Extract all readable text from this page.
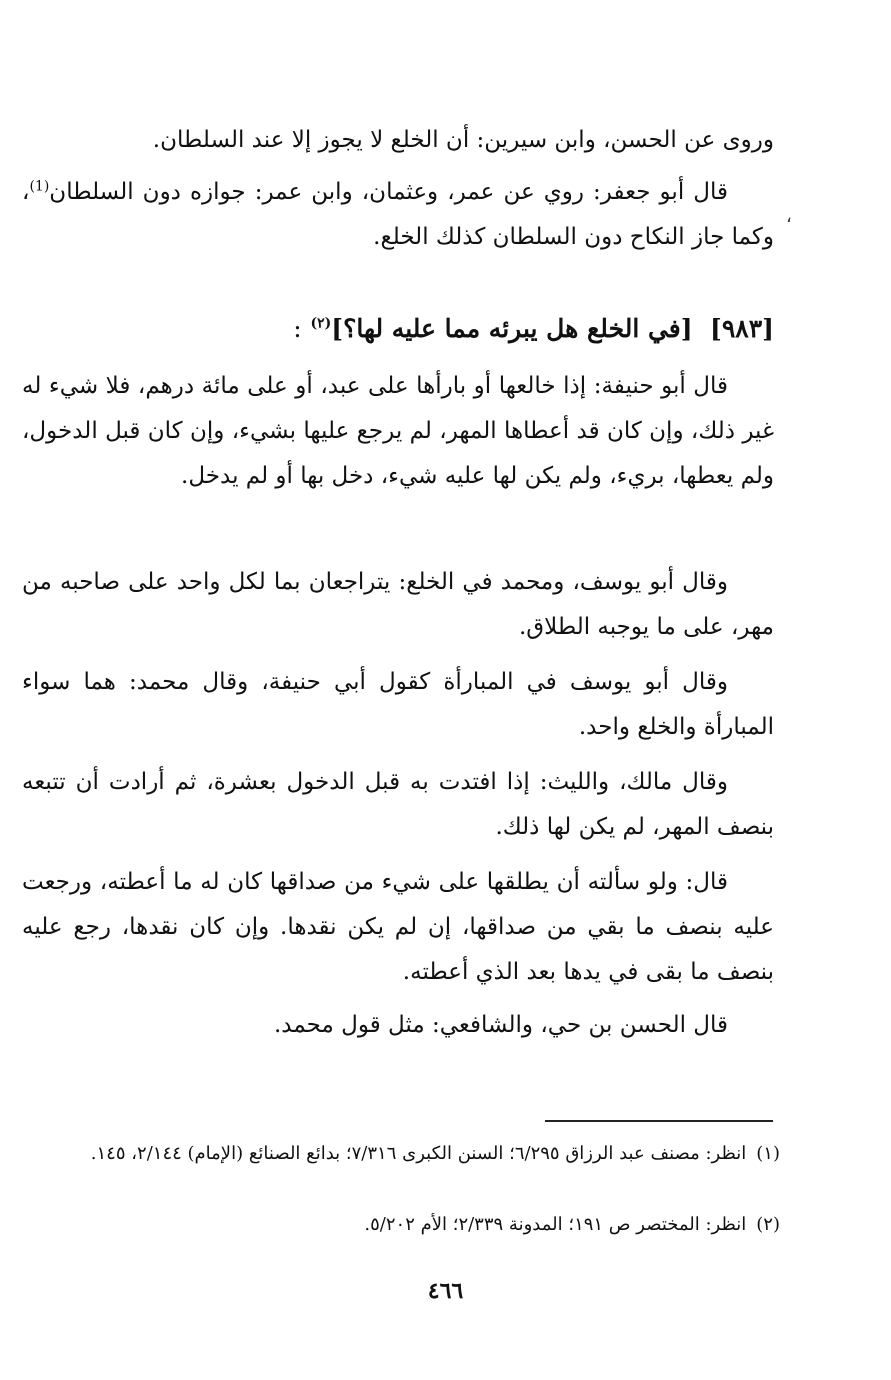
وروى عن الحسن، وابن سيرين: أن الخلع لا يجوز إلا عند السلطان.

قال أبو جعفر: روي عن عمر، وعثمان، وابن عمر: جوازه دون السلطان$^{(1)}$، وكما جاز النكاح دون السلطان كذلك الخلع.

،

[٩٨٣]  [في الخلع هل يبرئه مما عليه لها؟]$^{(٢)}$ :

قال أبو حنيفة: إذا خالعها أو بارأها على عبد، أو على مائة درهم، فلا شيء له غير ذلك، وإن كان قد أعطاها المهر، لم يرجع عليها بشيء، وإن كان قبل الدخول، ولم يعطها، بريء، ولم يكن لها عليه شيء، دخل بها أو لم يدخل.

وقال أبو يوسف، ومحمد في الخلع: يتراجعان بما لكل واحد على صاحبه من مهر، على ما يوجبه الطلاق.

وقال أبو يوسف في المبارأة كقول أبي حنيفة، وقال محمد: هما سواء المبارأة والخلع واحد.

وقال مالك، والليث: إذا افتدت به قبل الدخول بعشرة، ثم أرادت أن تتبعه بنصف المهر، لم يكن لها ذلك.

قال: ولو سألته أن يطلقها على شيء من صداقها كان له ما أعطته، ورجعت عليه بنصف ما بقي من صداقها، إن لم يكن نقدها. وإن كان نقدها، رجع عليه بنصف ما بقى في يدها بعد الذي أعطته.

قال الحسن بن حي، والشافعي: مثل قول محمد.

(١)انظر: مصنف عبد الرزاق ٦/٢٩٥؛ السنن الكبرى ٧/٣١٦؛ بدائع الصنائع (الإمام) ٢/١٤٤، ١٤٥.

(٢)انظر: المختصر ص ١٩١؛ المدونة ٢/٣٣٩؛ الأم ٥/٢٠٢.

٤٦٦
